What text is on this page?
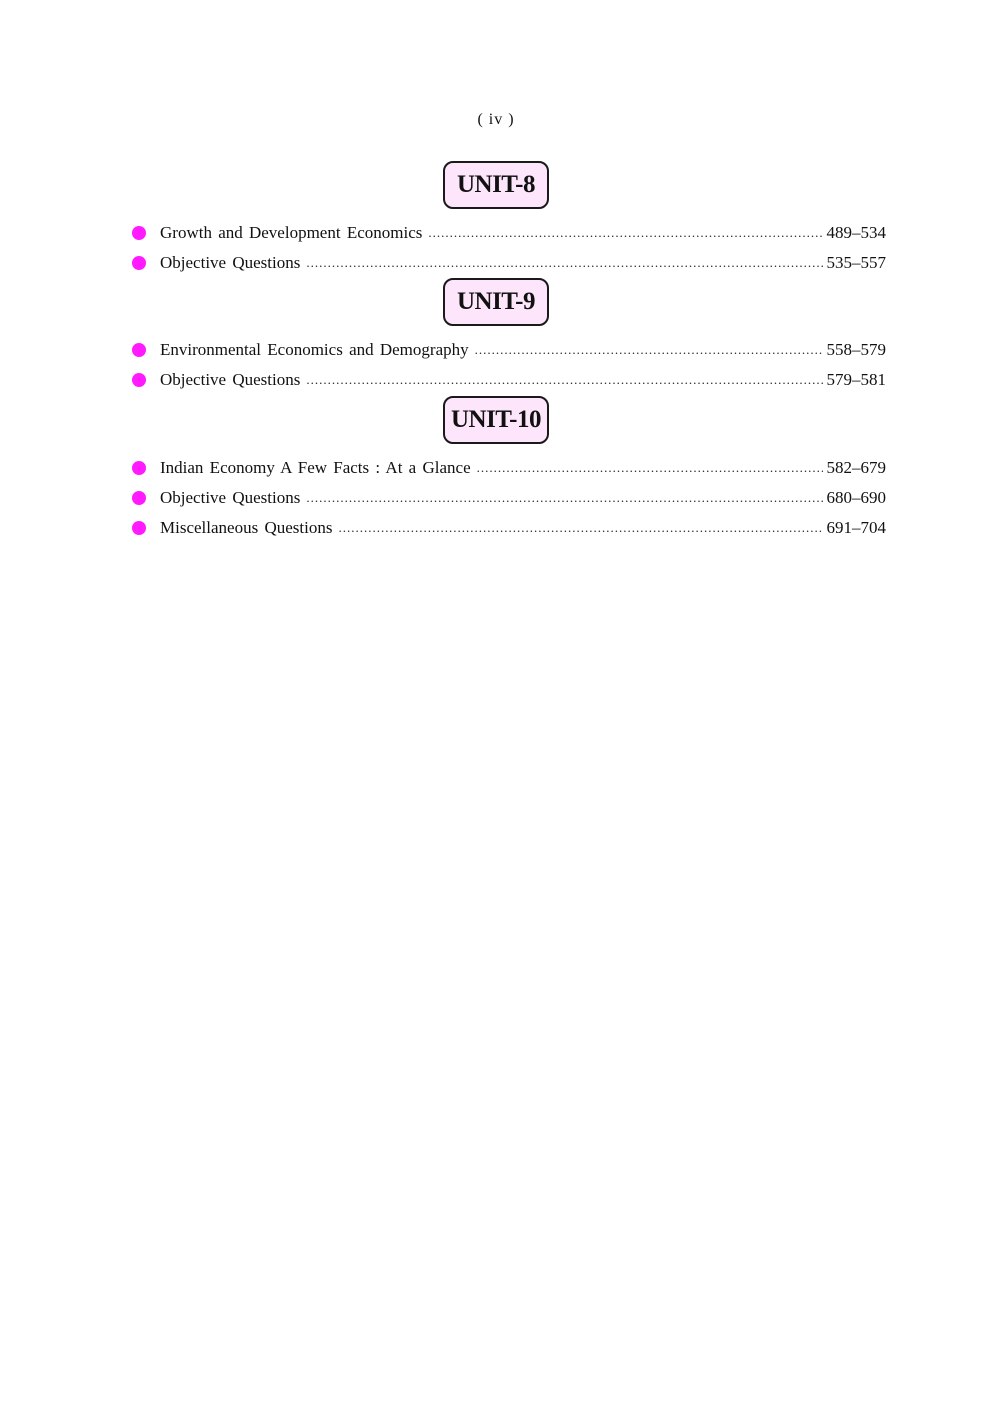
( iv )
UNIT-8
Growth and Development Economics .....	489–534
Objective Questions .....	535–557
UNIT-9
Environmental Economics and Demography .....	558–579
Objective Questions .....	579–581
UNIT-10
Indian Economy A Few Facts : At a Glance .....	582–679
Objective Questions .....	680–690
Miscellaneous Questions .....	691–704
